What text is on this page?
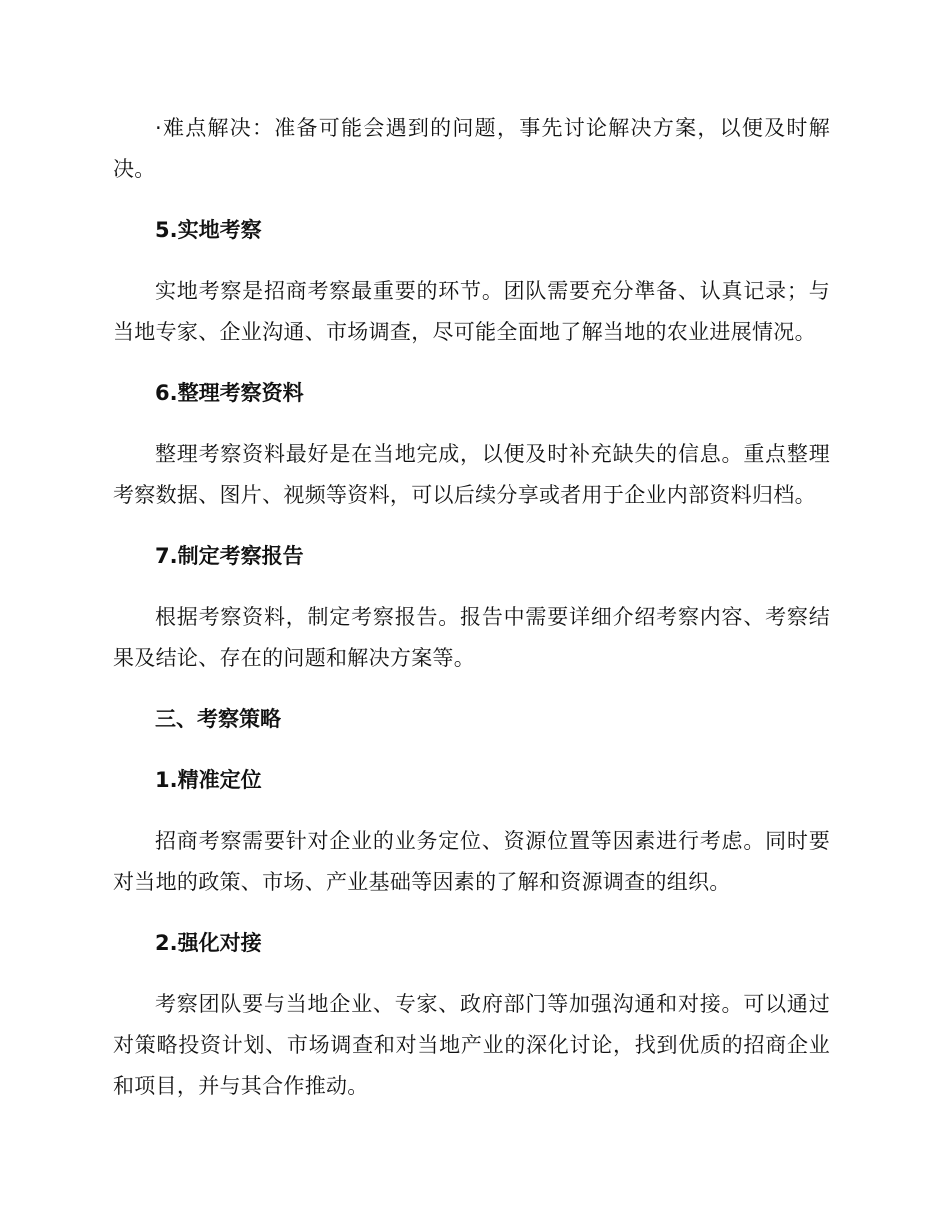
·难点解决：准备可能会遇到的问题，事先讨论解决方案，以便及时解决。

5.实地考察

实地考察是招商考察最重要的环节。团队需要充分準备、认真记录；与当地专家、企业沟通、市场调查，尽可能全面地了解当地的农业进展情况。

6.整理考察资料

整理考察资料最好是在当地完成，以便及时补充缺失的信息。重点整理考察数据、图片、视频等资料，可以后续分享或者用于企业内部资料归档。

7.制定考察报告

根据考察资料，制定考察报告。报告中需要详细介绍考察内容、考察结果及结论、存在的问题和解决方案等。

三、考察策略

1.精准定位

招商考察需要针对企业的业务定位、资源位置等因素进行考虑。同时要对当地的政策、市场、产业基础等因素的了解和资源调查的组织。

2.强化对接

考察团队要与当地企业、专家、政府部门等加强沟通和对接。可以通过对策略投资计划、市场调查和对当地产业的深化讨论，找到优质的招商企业和项目，并与其合作推动。
